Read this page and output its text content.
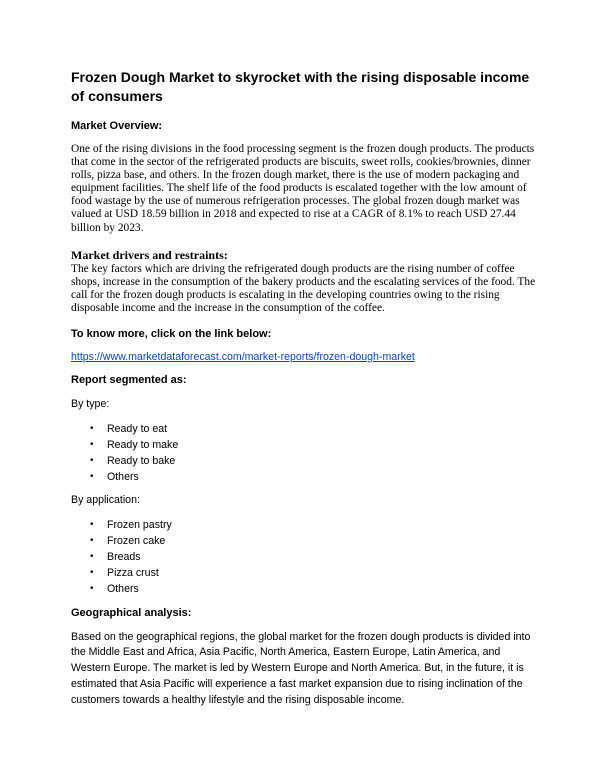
Frozen Dough Market to skyrocket with the rising disposable income of consumers
Market Overview:

One of the rising divisions in the food processing segment is the frozen dough products. The products that come in the sector of the refrigerated products are biscuits, sweet rolls, cookies/brownies, dinner rolls, pizza base, and others. In the frozen dough market, there is the use of modern packaging and equipment facilities. The shelf life of the food products is escalated together with the low amount of food wastage by the use of numerous refrigeration processes. The global frozen dough market was valued at USD 18.59 billion in 2018 and expected to rise at a CAGR of 8.1% to reach USD 27.44 billion by 2023.

Market drivers and restraints:

The key factors which are driving the refrigerated dough products are the rising number of coffee shops, increase in the consumption of the bakery products and the escalating services of the food. The call for the frozen dough products is escalating in the developing countries owing to the rising disposable income and the increase in the consumption of the coffee.

To know more, click on the link below:

https://www.marketdataforecast.com/market-reports/frozen-dough-market

Report segmented as:

By type:

• Ready to eat
• Ready to make
• Ready to bake
• Others

By application:

• Frozen pastry
• Frozen cake
• Breads
• Pizza crust
• Others
Geographical analysis:

Based on the geographical regions, the global market for the frozen dough products is divided into the Middle East and Africa, Asia Pacific, North America, Eastern Europe, Latin America, and Western Europe. The market is led by Western Europe and North America. But, in the future, it is estimated that Asia Pacific will experience a fast market expansion due to rising inclination of the customers towards a healthy lifestyle and the rising disposable income.
